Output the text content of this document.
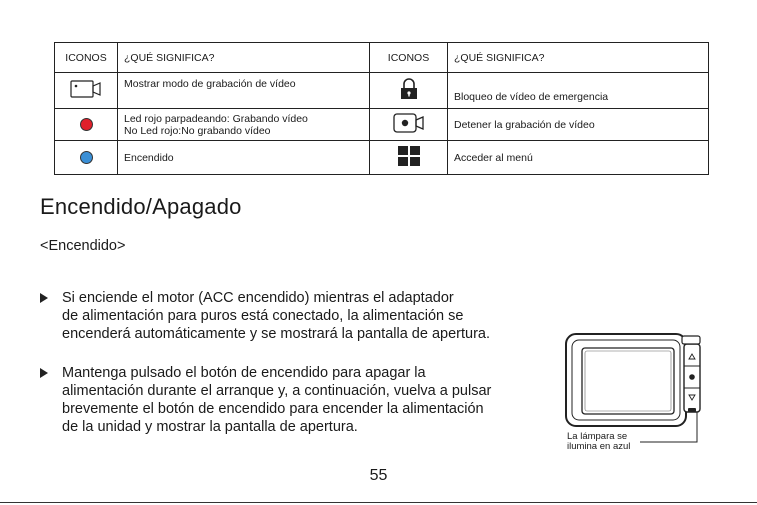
ICONOS	¿QUÉ SIGNIFICA?	ICONOS	¿QUÉ SIGNIFICA?
	Mostrar modo de grabación de vídeo		Bloqueo de vídeo de emergencia

	Led rojo parpadeando: Grabando vídeo
No Led rojo:No grabando vídeo		Detener la grabación de vídeo
	Encendido		Acceder al menú
Encendido/Apagado
<Encendido>
Si enciende el motor (ACC encendido) mientras el adaptador
de alimentación para puros está conectado, la alimentación se
encenderá automáticamente y se mostrará la pantalla de apertura.
Mantenga pulsado el botón de encendido para apagar la
alimentación durante el arranque y, a continuación, vuelva a pulsar
brevemente el botón de encendido para encender la alimentación
de la unidad y mostrar la pantalla de apertura.
La lámpara se
ilumina en azul
55
